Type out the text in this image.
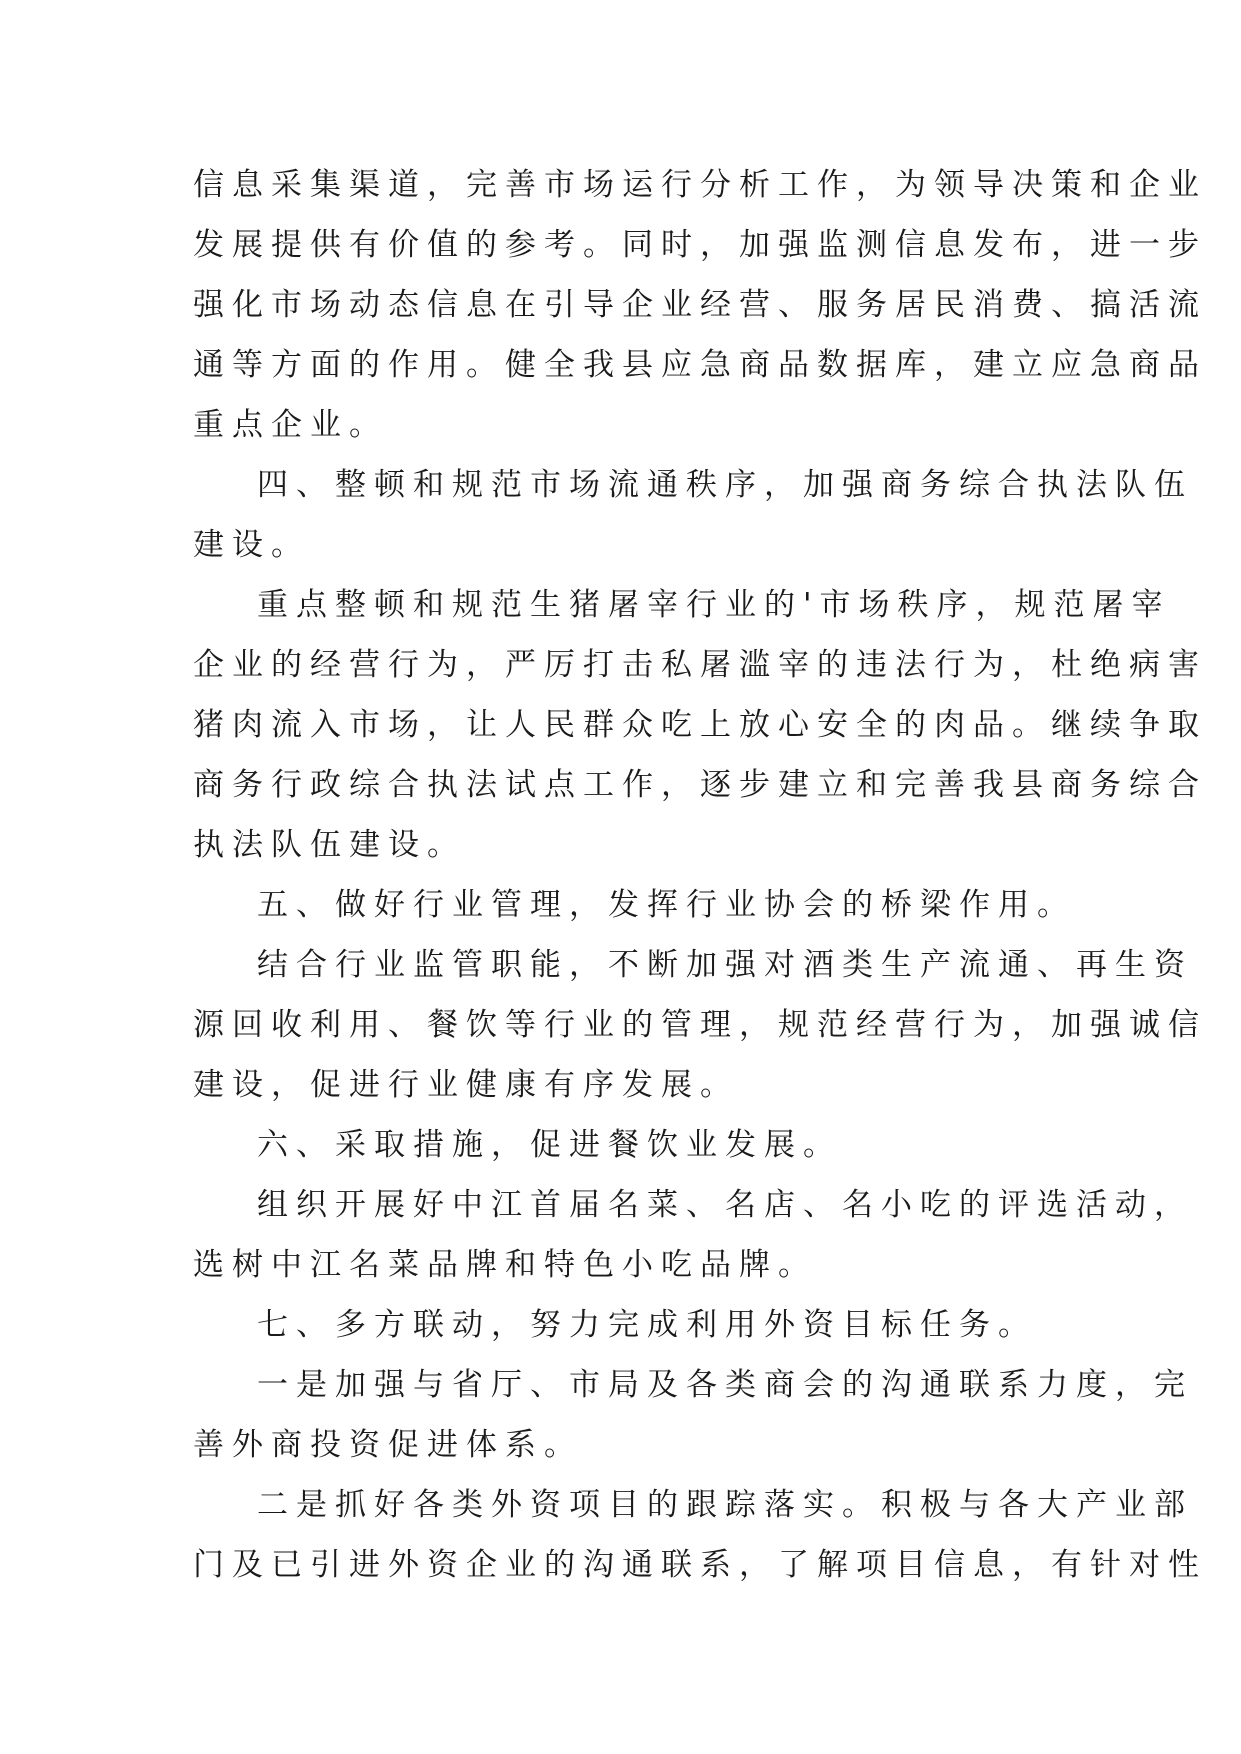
信息采集渠道，完善市场运行分析工作，为领导决策和企业
发展提供有价值的参考。同时，加强监测信息发布，进一步
强化市场动态信息在引导企业经营、服务居民消费、搞活流
通等方面的作用。健全我县应急商品数据库，建立应急商品
重点企业。
四、整顿和规范市场流通秩序，加强商务综合执法队伍
建设。
重点整顿和规范生猪屠宰行业的'市场秩序，规范屠宰
企业的经营行为，严厉打击私屠滥宰的违法行为，杜绝病害
猪肉流入市场，让人民群众吃上放心安全的肉品。继续争取
商务行政综合执法试点工作，逐步建立和完善我县商务综合
执法队伍建设。
五、做好行业管理，发挥行业协会的桥梁作用。
结合行业监管职能，不断加强对酒类生产流通、再生资
源回收利用、餐饮等行业的管理，规范经营行为，加强诚信
建设，促进行业健康有序发展。
六、采取措施，促进餐饮业发展。
组织开展好中江首届名菜、名店、名小吃的评选活动，
选树中江名菜品牌和特色小吃品牌。
七、多方联动，努力完成利用外资目标任务。
一是加强与省厅、市局及各类商会的沟通联系力度，完
善外商投资促进体系。
二是抓好各类外资项目的跟踪落实。积极与各大产业部
门及已引进外资企业的沟通联系，了解项目信息，有针对性
